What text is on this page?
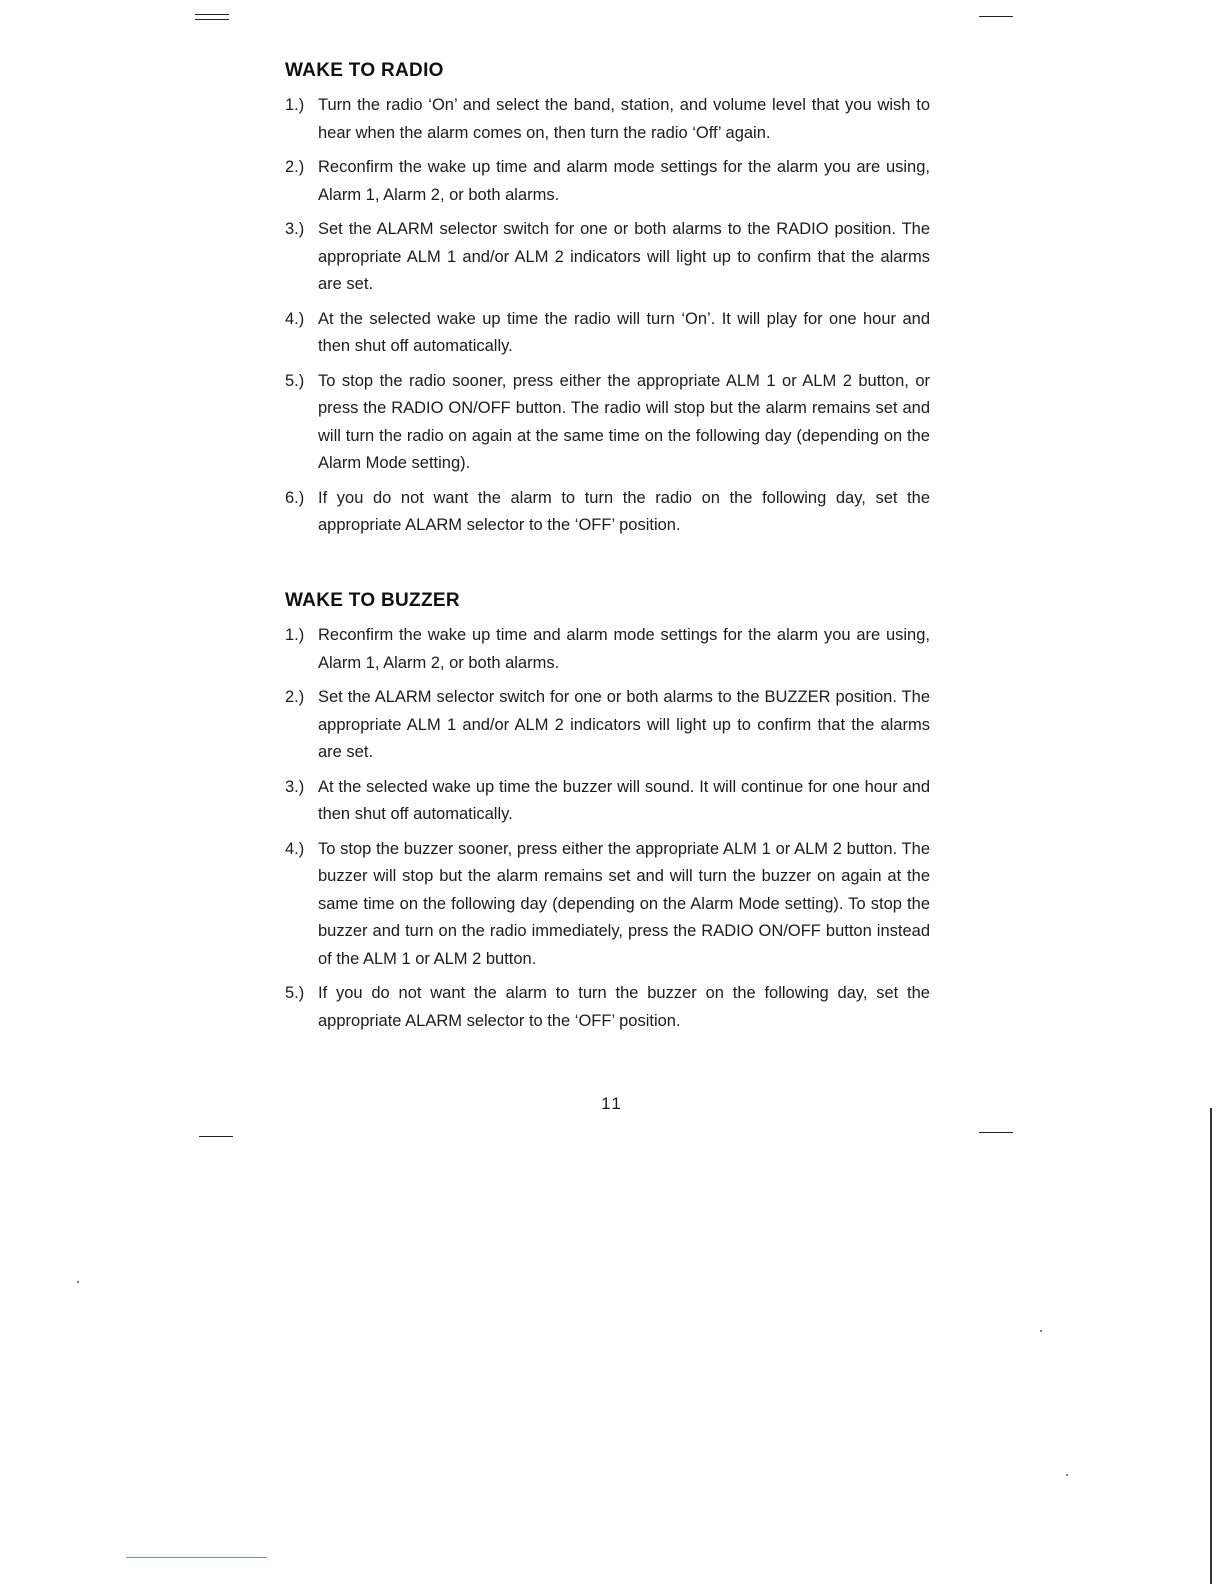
WAKE TO RADIO
1.) Turn the radio ‘On’ and select the band, station, and volume level that you wish to hear when the alarm comes on, then turn the radio ‘Off’ again.
2.) Reconfirm the wake up time and alarm mode settings for the alarm you are using, Alarm 1, Alarm 2, or both alarms.
3.) Set the ALARM selector switch for one or both alarms to the RADIO position. The appropriate ALM 1 and/or ALM 2 indicators will light up to confirm that the alarms are set.
4.) At the selected wake up time the radio will turn ‘On’. It will play for one hour and then shut off automatically.
5.) To stop the radio sooner, press either the appropriate ALM 1 or ALM 2 button, or press the RADIO ON/OFF button. The radio will stop but the alarm remains set and will turn the radio on again at the same time on the following day (depending on the Alarm Mode setting).
6.) If you do not want the alarm to turn the radio on the following day, set the appropriate ALARM selector to the ‘OFF’ position.
WAKE TO BUZZER
1.) Reconfirm the wake up time and alarm mode settings for the alarm you are using, Alarm 1, Alarm 2, or both alarms.
2.) Set the ALARM selector switch for one or both alarms to the BUZZER position. The appropriate ALM 1 and/or ALM 2 indicators will light up to confirm that the alarms are set.
3.) At the selected wake up time the buzzer will sound. It will continue for one hour and then shut off automatically.
4.) To stop the buzzer sooner, press either the appropriate ALM 1 or ALM 2 button. The buzzer will stop but the alarm remains set and will turn the buzzer on again at the same time on the following day (depending on the Alarm Mode setting). To stop the buzzer and turn on the radio immediately, press the RADIO ON/OFF button instead of the ALM 1 or ALM 2 button.
5.) If you do not want the alarm to turn the buzzer on the following day, set the appropriate ALARM selector to the ‘OFF’ position.
11
